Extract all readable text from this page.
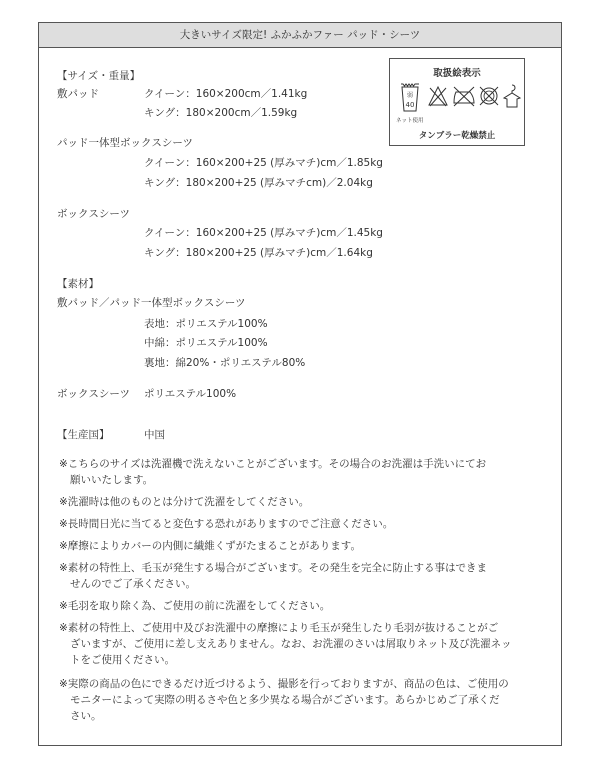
大きいサイズ限定! ふかふかファー パッド・シーツ
【サイズ・重量】
敷パッド	クイーン：160×200cm／1.41kg
キング：180×200cm／1.59kg
パッド一体型ボックスシーツ
クイーン：160×200+25 (厚みマチ)cm／1.85kg
キング：180×200+25 (厚みマチcm)／2.04kg
ボックスシーツ
クイーン：160×200+25 (厚みマチ)cm／1.45kg
キング：180×200+25 (厚みマチ)cm／1.64kg
【素材】
敷パッド／パッド一体型ボックスシーツ
表地：ポリエステル100%
中綿：ポリエステル100%
裏地：綿20%・ポリエステル80%
ボックスシーツ ポリエステル100%
【生産国】	中国
取扱絵表示
弱
40
ネット使用
タンブラー乾燥禁止
※こちらのサイズは洗濯機で洗えないことがございます。その場合のお洗濯は手洗いにてお
願いいたします。
※洗濯時は他のものとは分けて洗濯をしてください。
※長時間日光に当てると変色する恐れがありますのでご注意ください。
※摩擦によりカバーの内側に繊維くずがたまることがあります。
※素材の特性上、毛玉が発生する場合がございます。その発生を完全に防止する事はできま
せんのでご了承ください。
※毛羽を取り除く為、ご使用の前に洗濯をしてください。
※素材の特性上、ご使用中及びお洗濯中の摩擦により毛玉が発生したり毛羽が抜けることがご
ざいますが、ご使用に差し支えありません。なお、お洗濯のさいは屑取りネット及び洗濯ネッ
トをご使用ください。
※実際の商品の色にできるだけ近づけるよう、撮影を行っておりますが、商品の色は、ご使用の
モニターによって実際の明るさや色と多少異なる場合がございます。あらかじめご了承くだ
さい。
